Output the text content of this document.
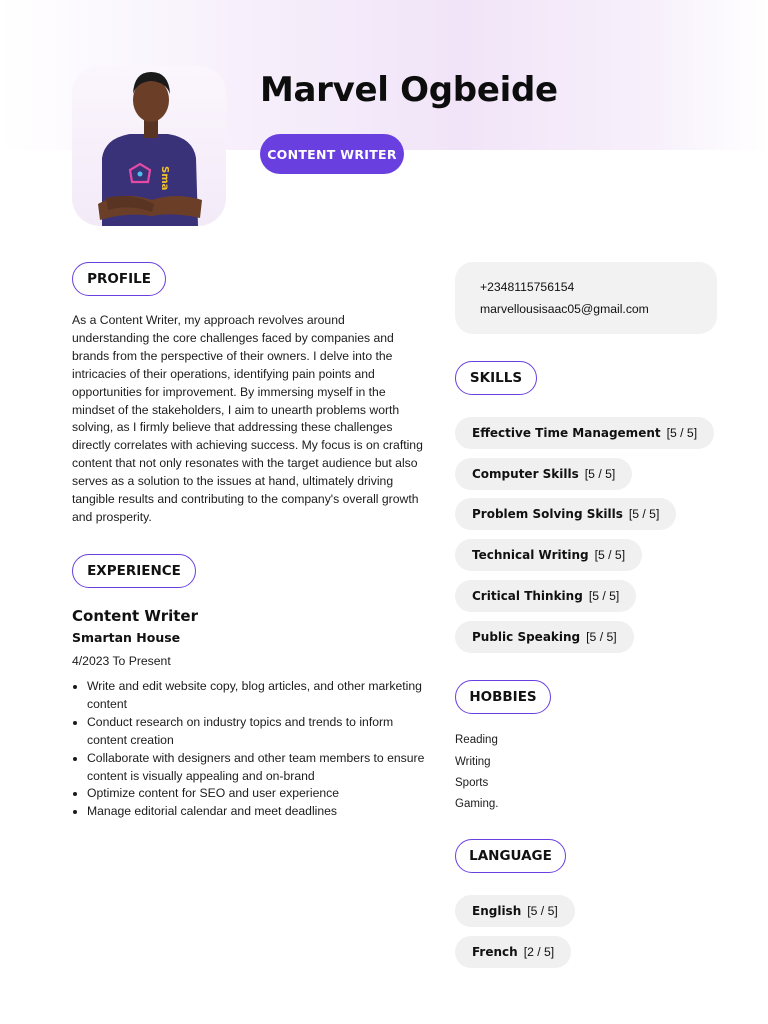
Sma
Marvel Ogbeide
CONTENT WRITER
PROFILE

As a Content Writer, my approach revolves around understanding the core challenges faced by companies and brands from the perspective of their owners. I delve into the intricacies of their operations, identifying pain points and opportunities for improvement. By immersing myself in the mindset of the stakeholders, I aim to unearth problems worth solving, as I firmly believe that addressing these challenges directly correlates with achieving success. My focus is on crafting content that not only resonates with the target audience but also serves as a solution to the issues at hand, ultimately driving tangible results and contributing to the company's overall growth and prosperity.

EXPERIENCE
Content Writer
Smartan House

4/2023 To Present

• Write and edit website copy, blog articles, and other marketing content
• Conduct research on industry topics and trends to inform content creation
• Collaborate with designers and other team members to ensure content is visually appealing and on-brand
• Optimize content for SEO and user experience
• Manage editorial calendar and meet deadlines
+2348115756154
marvellousisaac05@gmail.com
SKILLS
Effective Time Management [5 / 5]
Computer Skills [5 / 5]
Problem Solving Skills [5 / 5]
Technical Writing [5 / 5]
Critical Thinking [5 / 5]
Public Speaking [5 / 5]
HOBBIES

Reading

Writing

Sports

Gaming.

LANGUAGE
English [5 / 5]
French [2 / 5]
